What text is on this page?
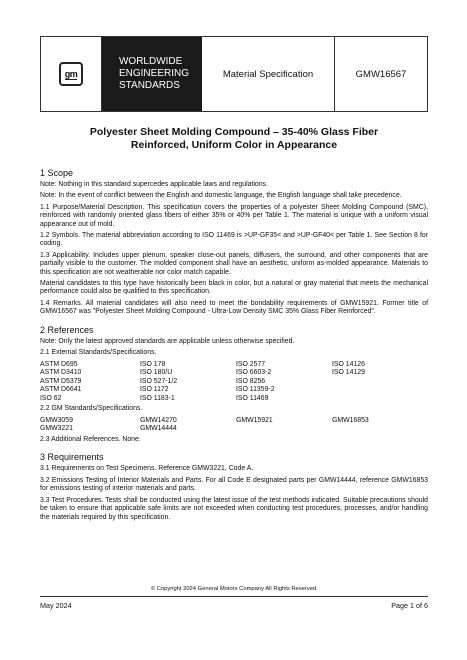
gm
WORLDWIDE
ENGINEERING
STANDARDS
Material Specification	GMW16567
Polyester Sheet Molding Compound – 35-40% Glass Fiber
Reinforced, Uniform Color in Appearance
1 Scope

Note: Nothing in this standard supercedes applicable laws and regulations.

Note: In the event of conflict between the English and domestic language, the English language shall take precedence.

1.1 Purpose/Material Description. This specification covers the properties of a polyester Sheet Molding Compound (SMC), reinforced with randomly oriented glass fibers of either 35% or 40% per Table 1. The material is unique with a uniform visual appearance out of mold.

1.2 Symbols. The material abbreviation according to ISO 11469 is >UP-GF35< and >UP-GF40< per Table 1. See Section 8 for coding.

1.3 Applicability. Includes upper plenum, speaker close-out panels, diffusers, the surround, and other components that are partially visible to the customer. The molded component shall have an aesthetic, uniform as-molded appearance. Materials to this specification are not weatherable nor color match capable.

Material candidates to this type have historically been black in color, but a natural or gray material that meets the mechanical performance could also be qualified to this specification.

1.4 Remarks. All material candidates will also need to meet the bondability requirements of GMW15921. Former title of GMW16567 was "Polyester Sheet Molding Compound - Ultra-Low Density SMC 35% Glass Fiber Reinforced".

2 References

Note: Only the latest approved standards are applicable unless otherwise specified.

2.1 External Standards/Specifications.

ASTM D695	ISO 178	ISO 2577	ISO 14126
ASTM D3410	ISO 180/U	ISO 6603-2	ISO 14129
ASTM D5379	ISO 527-1/2	ISO 8256
ASTM D6641	ISO 1172	ISO 11359-2
ISO 62	ISO 1183-1	ISO 11469

2.2 GM Standards/Specifications.

GMW3059	GMW14270	GMW15921	GMW16853
GMW3221	GMW14444

2.3 Additional References. None.

3 Requirements

3.1 Requirements on Test Specimens. Reference GMW3221, Code A.

3.2 Emissions Testing of Interior Materials and Parts. For all Code E designated parts per GMW14444, reference GMW16853 for emissions testing of interior materials and parts.

3.3 Test Procedures. Tests shall be conducted using the latest issue of the test methods indicated. Suitable precautions should be taken to ensure that applicable safe limits are not exceeded when conducting test procedures, processes, and/or handling the materials required by this specification.

© Copyright 2024 General Motors Company All Rights Reserved
May 2024	Page 1 of 6
